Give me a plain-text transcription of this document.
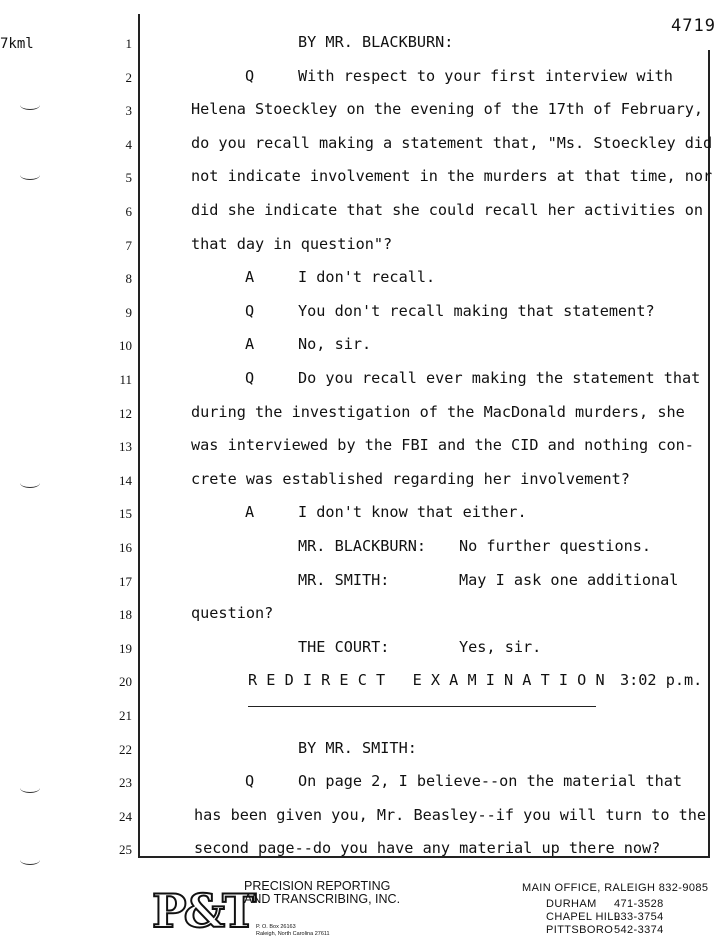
7kml
4719
1	BY MR. BLACKBURN:
2	Q	With respect to your first interview with
3	Helena Stoeckley on the evening of the 17th of February,
4	do you recall making a statement that, "Ms. Stoeckley did
5	not indicate involvement in the murders at that time, nor
6	did she indicate that she could recall her activities on
7	that day in question"?
8	A	I don't recall.
9	Q	You don't recall making that statement?
10	A	No, sir.
11	Q	Do you recall ever making the statement that
12	during the investigation of the MacDonald murders, she
13	was interviewed by the FBI and the CID and nothing con-
14	crete was established regarding her involvement?
15	A	I don't know that either.
16	MR. BLACKBURN: No further questions.
17	MR. SMITH:	May I ask one additional
18	question?
19	THE COURT:	Yes, sir.
20	R E D I R E C T   E X A M I N A T I O N 3:02 p.m.
21
22	BY MR. SMITH:
23	Q	On page 2, I believe--on the material that
24	has been given you, Mr. Beasley--if you will turn to the
25	second page--do you have any material up there now?
P&T
PRECISION REPORTING
AND TRANSCRIBING, INC.
P. O. Box 26163
Raleigh, North Carolina 27611
MAIN OFFICE, RALEIGH 832-9085
DURHAM 471-3528
CHAPEL HILL933-3754
PITTSBORO542-3374
